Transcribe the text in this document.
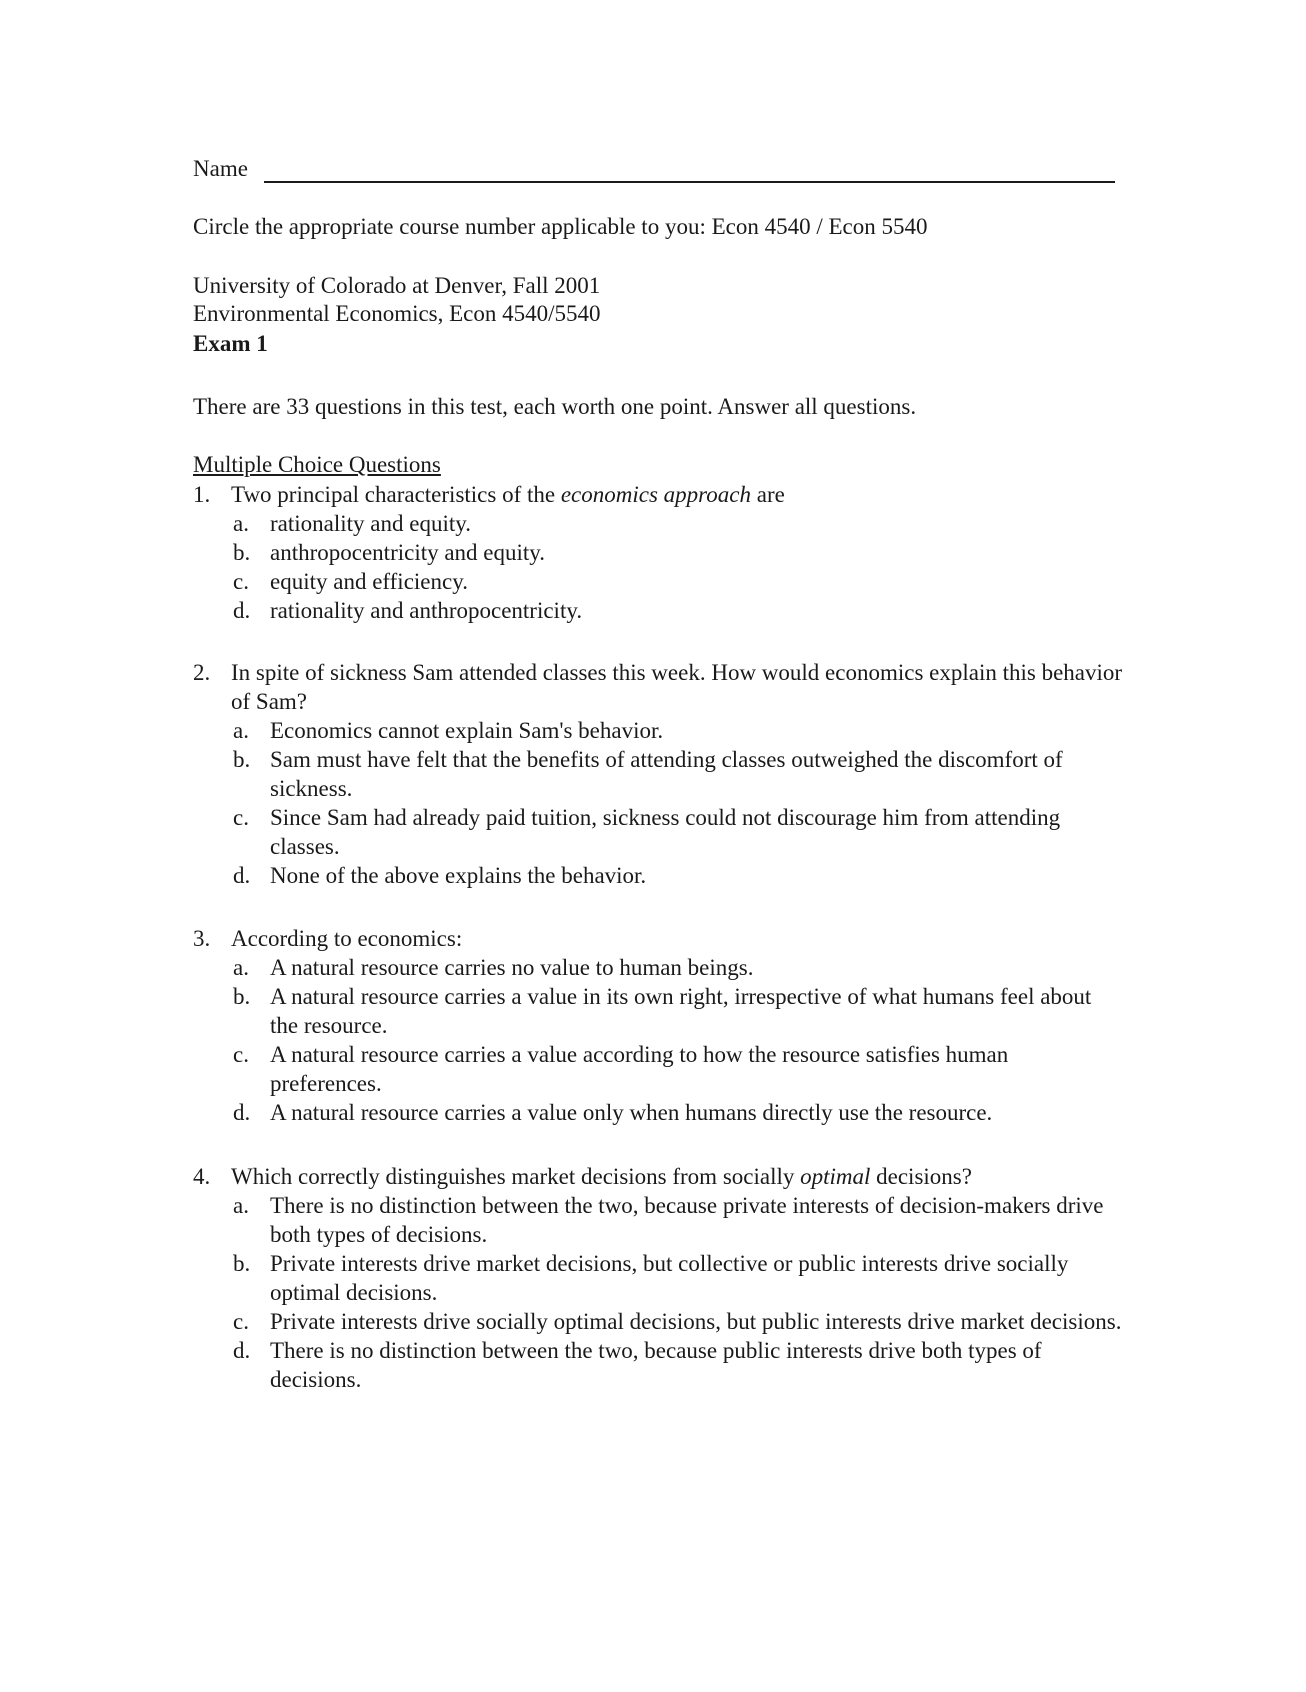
Name
Circle the appropriate course number applicable to you: Econ 4540 / Econ 5540
University of Colorado at Denver, Fall 2001
Environmental Economics, Econ 4540/5540
Exam 1
There are 33 questions in this test, each worth one point. Answer all questions.
Multiple Choice Questions
1. Two principal characteristics of the economics approach are
a. rationality and equity.
b. anthropocentricity and equity.
c. equity and efficiency.
d. rationality and anthropocentricity.
2. In spite of sickness Sam attended classes this week. How would economics explain this behavior of Sam?
a. Economics cannot explain Sam's behavior.
b. Sam must have felt that the benefits of attending classes outweighed the discomfort of sickness.
c. Since Sam had already paid tuition, sickness could not discourage him from attending classes.
d. None of the above explains the behavior.
3. According to economics:
a. A natural resource carries no value to human beings.
b. A natural resource carries a value in its own right, irrespective of what humans feel about the resource.
c. A natural resource carries a value according to how the resource satisfies human preferences.
d. A natural resource carries a value only when humans directly use the resource.
4. Which correctly distinguishes market decisions from socially optimal decisions?
a. There is no distinction between the two, because private interests of decision-makers drive both types of decisions.
b. Private interests drive market decisions, but collective or public interests drive socially optimal decisions.
c. Private interests drive socially optimal decisions, but public interests drive market decisions.
d. There is no distinction between the two, because public interests drive both types of decisions.
